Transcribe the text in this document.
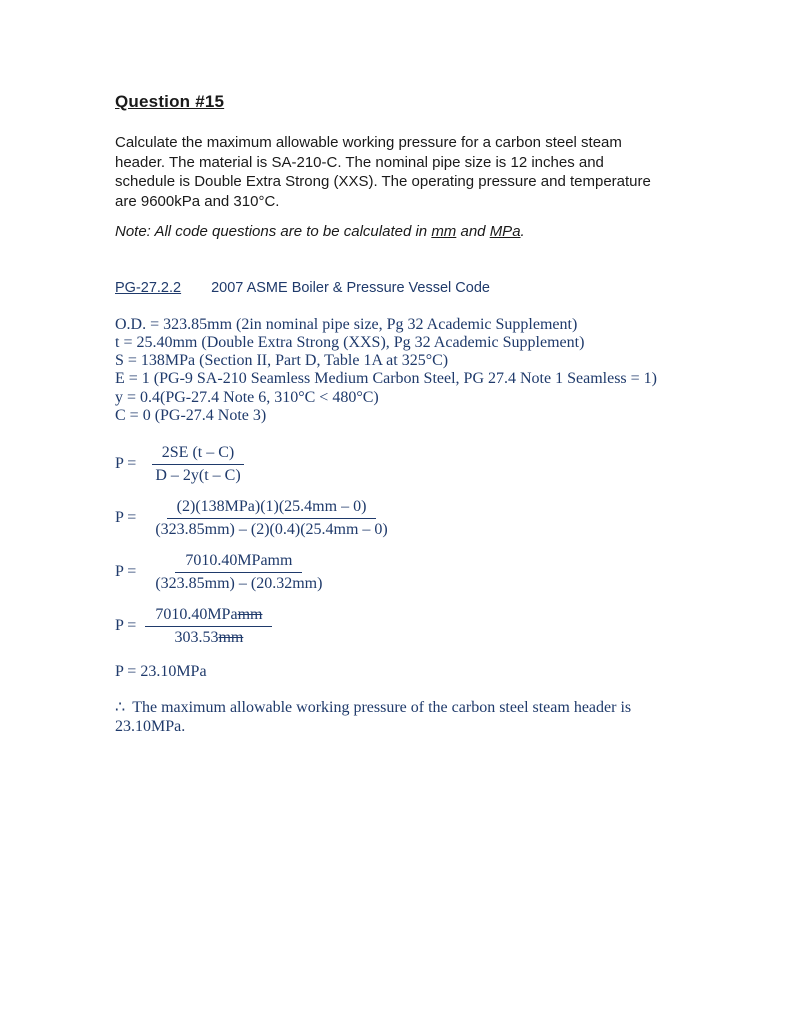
Question #15

Calculate the maximum allowable working pressure for a carbon steel steam
header. The material is SA-210-C. The nominal pipe size is 12 inches and
schedule is Double Extra Strong (XXS). The operating pressure and temperature
are 9600kPa and 310°C.

Note: All code questions are to be calculated in mm and MPa.

PG-27.2.2 2007 ASME Boiler & Pressure Vessel Code

O.D. = 323.85mm (2in nominal pipe size, Pg 32 Academic Supplement)
t = 25.40mm (Double Extra Strong (XXS), Pg 32 Academic Supplement)
S = 138MPa (Section II, Part D, Table 1A at 325°C)
E = 1 (PG-9 SA-210 Seamless Medium Carbon Steel, PG 27.4 Note 1 Seamless = 1)
y = 0.4(PG-27.4 Note 6, 310°C < 480°C)
C = 0 (PG-27.4 Note 3)
$P = \frac{2SE (t - C)}{D - 2y(t - C)}$
$P = \frac{\text{(2)(138MPa)(1)(25.4mm – 0)}}{(323.85mm) - (2)(0.4)(25.4mm - 0)}$
$P = \frac{\text{7010.40MPamm}}{(323.85mm) - (20.32mm)}$
$P = \frac{\text{7010.40MPamm}}{303.53mm}$

P = 23.10MPa

∴ The maximum allowable working pressure of the carbon steel steam header is
23.10MPa.
